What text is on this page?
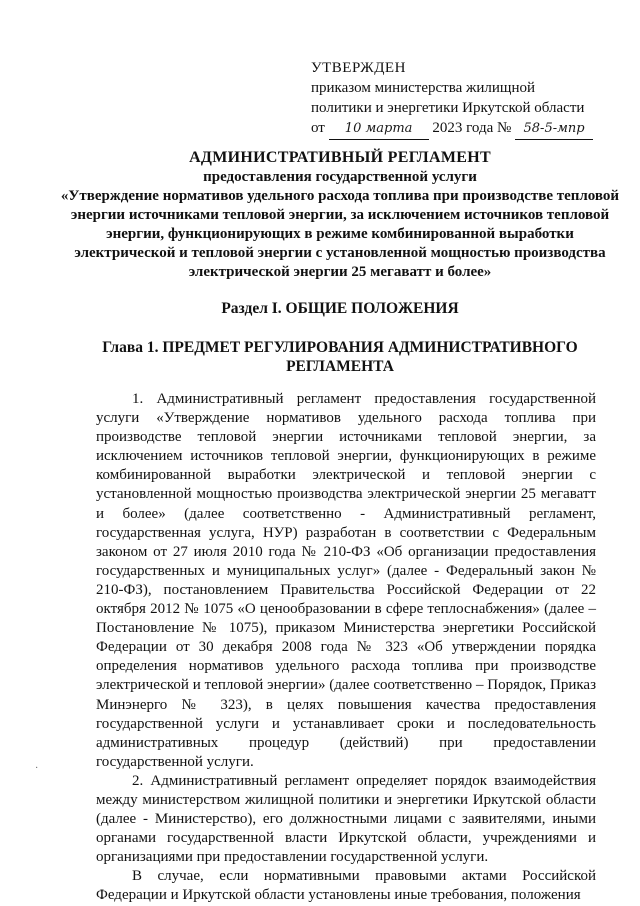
УТВЕРЖДЕН
приказом министерства жилищной
политики и энергетики Иркутской области
от 10 марта 2023 года № 58-5-мпр
АДМИНИСТРАТИВНЫЙ РЕГЛАМЕНТ
предоставления государственной услуги
«Утверждение нормативов удельного расхода топлива при производстве тепловой энергии источниками тепловой энергии, за исключением источников тепловой энергии, функционирующих в режиме комбинированной выработки электрической и тепловой энергии с установленной мощностью производства электрической энергии 25 мегаватт и более»
Раздел I. ОБЩИЕ ПОЛОЖЕНИЯ
Глава 1. ПРЕДМЕТ РЕГУЛИРОВАНИЯ АДМИНИСТРАТИВНОГО РЕГЛАМЕНТА

1. Административный регламент предоставления государственной услуги «Утверждение нормативов удельного расхода топлива при производстве тепловой энергии источниками тепловой энергии, за исключением источников тепловой энергии, функционирующих в режиме комбинированной выработки электрической и тепловой энергии с установленной мощностью производства электрической энергии 25 мегаватт и более» (далее соответственно - Административный регламент, государственная услуга, НУР) разработан в соответствии с Федеральным законом от 27 июля 2010 года № 210-ФЗ «Об организации предоставления государственных и муниципальных услуг» (далее - Федеральный закон № 210-ФЗ), постановлением Правительства Российской Федерации от 22 октября 2012 № 1075 «О ценообразовании в сфере теплоснабжения» (далее – Постановление № 1075), приказом Министерства энергетики Российской Федерации от 30 декабря 2008 года № 323 «Об утверждении порядка определения нормативов удельного расхода топлива при производстве электрической и тепловой энергии» (далее соответственно – Порядок, Приказ Минэнерго № 323), в целях повышения качества предоставления государственной услуги и устанавливает сроки и последовательность административных процедур (действий) при предоставлении государственной услуги.

2. Административный регламент определяет порядок взаимодействия между министерством жилищной политики и энергетики Иркутской области (далее - Министерство), его должностными лицами с заявителями, иными органами государственной власти Иркутской области, учреждениями и организациями при предоставлении государственной услуги.

В случае, если нормативными правовыми актами Российской Федерации и Иркутской области установлены иные требования, положения

·
